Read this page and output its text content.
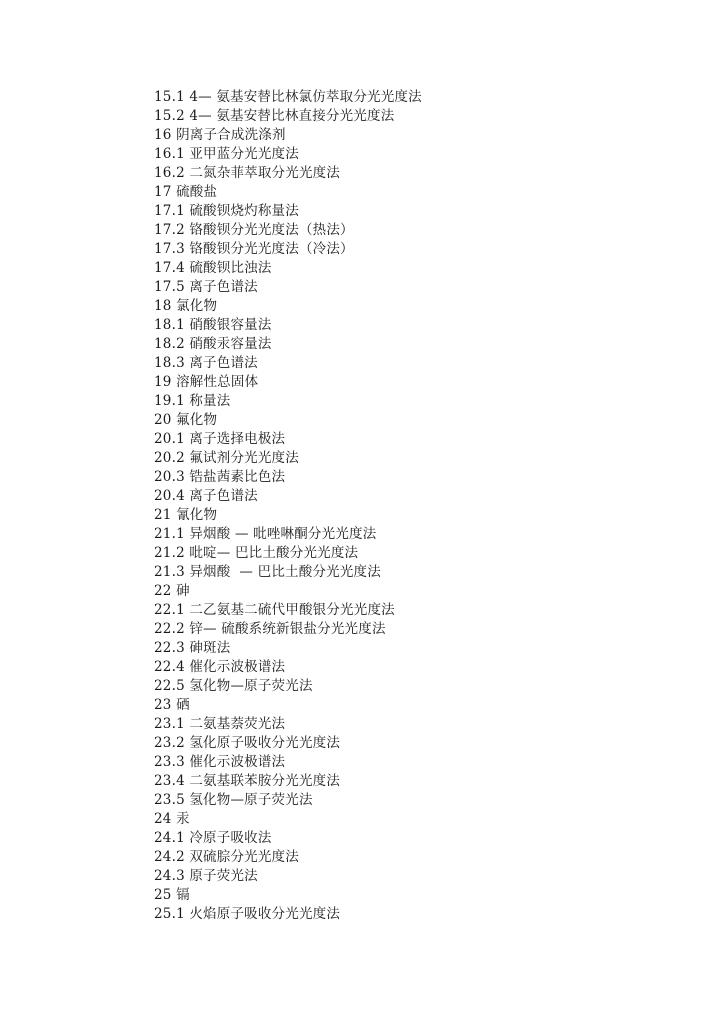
15.1 4— 氨基安替比林氯仿萃取分光光度法
15.2 4— 氨基安替比林直接分光光度法
16 阴离子合成洗涤剂
16.1 亚甲蓝分光光度法
16.2 二氮杂菲萃取分光光度法
17 硫酸盐
17.1 硫酸钡烧灼称量法
17.2 铬酸钡分光光度法（热法）
17.3 铬酸钡分光光度法（冷法）
17.4 硫酸钡比浊法
17.5 离子色谱法
18 氯化物
18.1 硝酸银容量法
18.2 硝酸汞容量法
18.3 离子色谱法
19 溶解性总固体
19.1 称量法
20 氟化物
20.1 离子选择电极法
20.2 氟试剂分光光度法
20.3 锆盐茜素比色法
20.4 离子色谱法
21 氰化物
21.1 异烟酸 — 吡唑啉酮分光光度法
21.2 吡啶— 巴比土酸分光光度法
21.3 异烟酸  — 巴比土酸分光光度法
22 砷
22.1 二乙氨基二硫代甲酸银分光光度法
22.2 锌— 硫酸系统新银盐分光光度法
22.3 砷斑法
22.4 催化示波极谱法
22.5 氢化物—原子荧光法
23 硒
23.1 二氨基萘荧光法
23.2 氢化原子吸收分光光度法
23.3 催化示波极谱法
23.4 二氨基联苯胺分光光度法
23.5 氢化物—原子荧光法
24 汞
24.1 冷原子吸收法
24.2 双硫腙分光光度法
24.3 原子荧光法
25 镉
25.1 火焰原子吸收分光光度法
